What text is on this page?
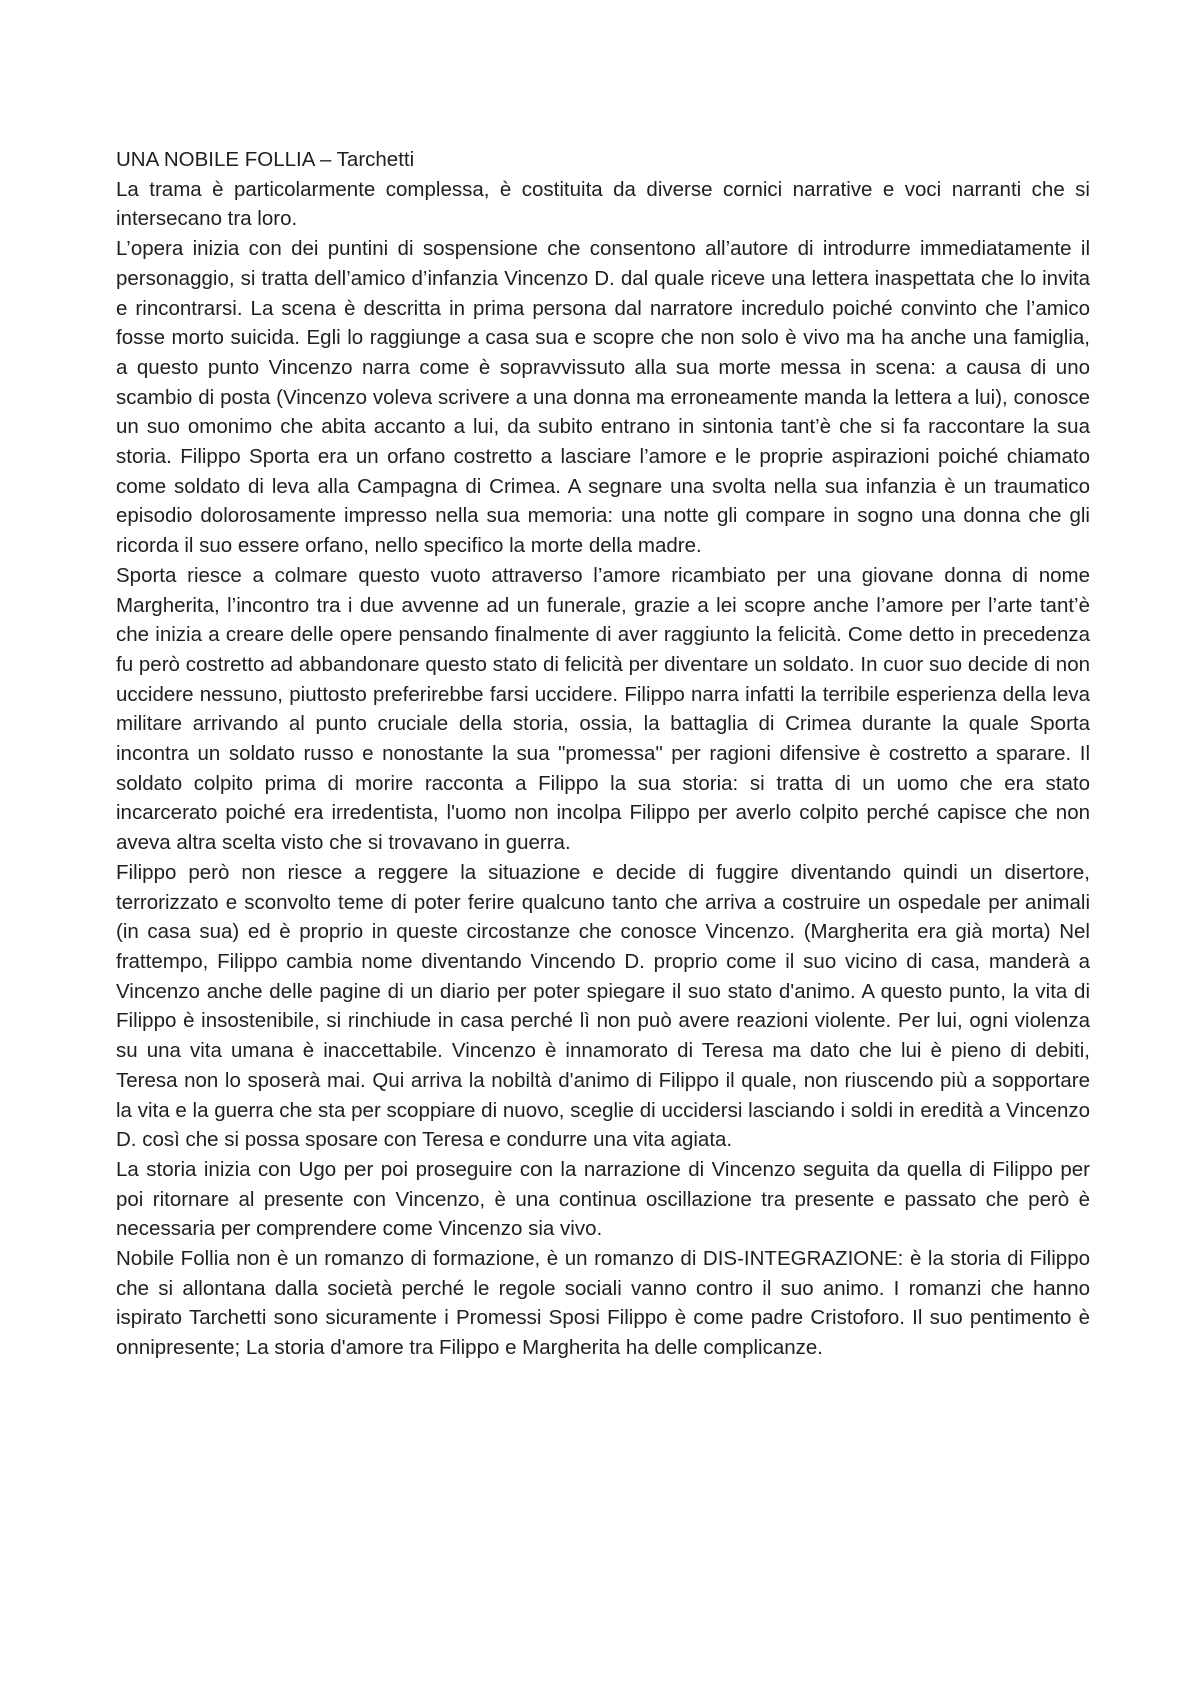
UNA NOBILE FOLLIA – Tarchetti

La trama è particolarmente complessa, è costituita da diverse cornici narrative e voci narranti che si intersecano tra loro.

L’opera inizia con dei puntini di sospensione che consentono all’autore di introdurre immediatamente il personaggio, si tratta dell’amico d’infanzia Vincenzo D. dal quale riceve una lettera inaspettata che lo invita e rincontrarsi. La scena è descritta in prima persona dal narratore incredulo poiché convinto che l’amico fosse morto suicida. Egli lo raggiunge a casa sua e scopre che non solo è vivo ma ha anche una famiglia, a questo punto Vincenzo narra come è sopravvissuto alla sua morte messa in scena: a causa di uno scambio di posta (Vincenzo voleva scrivere a una donna ma erroneamente manda la lettera a lui), conosce un suo omonimo che abita accanto a lui, da subito entrano in sintonia tant’è che si fa raccontare la sua storia. Filippo Sporta era un orfano costretto a lasciare l’amore e le proprie aspirazioni poiché chiamato come soldato di leva alla Campagna di Crimea. A segnare una svolta nella sua infanzia è un traumatico episodio dolorosamente impresso nella sua memoria: una notte gli compare in sogno una donna che gli ricorda il suo essere orfano, nello specifico la morte della madre.

Sporta riesce a colmare questo vuoto attraverso l’amore ricambiato per una giovane donna di nome Margherita, l’incontro tra i due avvenne ad un funerale, grazie a lei scopre anche l’amore per l’arte tant’è che inizia a creare delle opere pensando finalmente di aver raggiunto la felicità. Come detto in precedenza fu però costretto ad abbandonare questo stato di felicità per diventare un soldato. In cuor suo decide di non uccidere nessuno, piuttosto preferirebbe farsi uccidere. Filippo narra infatti la terribile esperienza della leva militare arrivando al punto cruciale della storia, ossia, la battaglia di Crimea durante la quale Sporta incontra un soldato russo e nonostante la sua "promessa" per ragioni difensive è costretto a sparare. Il soldato colpito prima di morire racconta a Filippo la sua storia: si tratta di un uomo che era stato incarcerato poiché era irredentista, l'uomo non incolpa Filippo per averlo colpito perché capisce che non aveva altra scelta visto che si trovavano in guerra.

Filippo però non riesce a reggere la situazione e decide di fuggire diventando quindi un disertore, terrorizzato e sconvolto teme di poter ferire qualcuno tanto che arriva a costruire un ospedale per animali (in casa sua) ed è proprio in queste circostanze che conosce Vincenzo. (Margherita era già morta) Nel frattempo, Filippo cambia nome diventando Vincendo D. proprio come il suo vicino di casa, manderà a Vincenzo anche delle pagine di un diario per poter spiegare il suo stato d'animo. A questo punto, la vita di Filippo è insostenibile, si rinchiude in casa perché lì non può avere reazioni violente. Per lui, ogni violenza su una vita umana è inaccettabile. Vincenzo è innamorato di Teresa ma dato che lui è pieno di debiti, Teresa non lo sposerà mai. Qui arriva la nobiltà d'animo di Filippo il quale, non riuscendo più a sopportare la vita e la guerra che sta per scoppiare di nuovo, sceglie di uccidersi lasciando i soldi in eredità a Vincenzo D. così che si possa sposare con Teresa e condurre una vita agiata.

La storia inizia con Ugo per poi proseguire con la narrazione di Vincenzo seguita da quella di Filippo per poi ritornare al presente con Vincenzo, è una continua oscillazione tra presente e passato che però è necessaria per comprendere come Vincenzo sia vivo.

Nobile Follia non è un romanzo di formazione, è un romanzo di DIS-INTEGRAZIONE: è la storia di Filippo che si allontana dalla società perché le regole sociali vanno contro il suo animo. I romanzi che hanno ispirato Tarchetti sono sicuramente i Promessi Sposi Filippo è come padre Cristoforo. Il suo pentimento è onnipresente; La storia d'amore tra Filippo e Margherita ha delle complicanze.
